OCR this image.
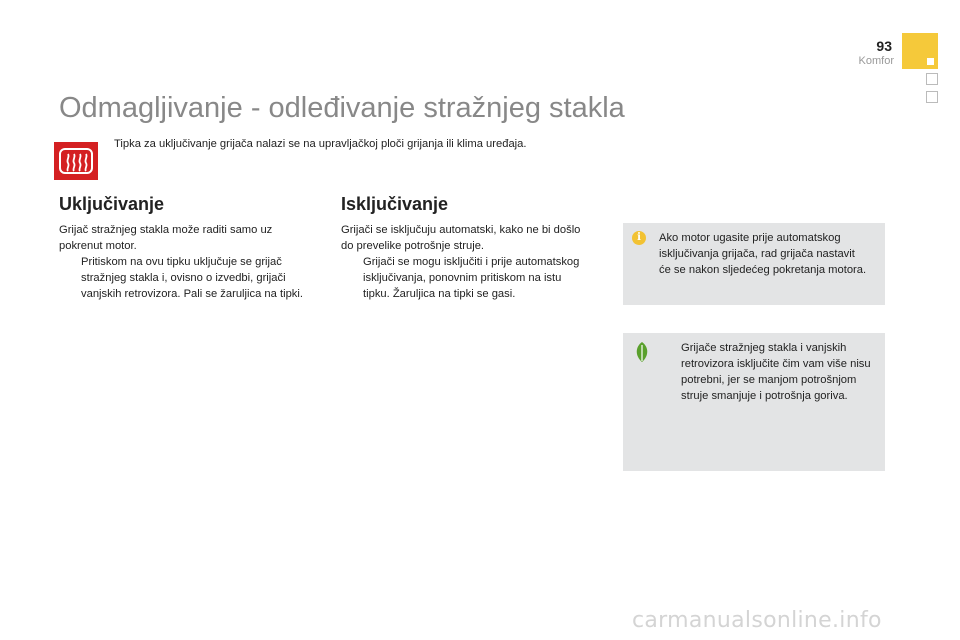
93
Komfor
Odmagljivanje - odleđivanje stražnjeg stakla
Tipka za uključivanje grijača nalazi se na upravljačkoj ploči grijanja ili klima uređaja.
Uključivanje

Grijač stražnjeg stakla može raditi samo uz pokrenut motor.

Pritiskom na ovu tipku uključuje se grijač stražnjeg stakla i, ovisno o izvedbi, grijači vanjskih retrovizora. Pali se žaruljica na tipki.
Isključivanje

Grijači se isključuju automatski, kako ne bi došlo do prevelike potrošnje struje.

Grijači se mogu isključiti i prije automatskog isključivanja, ponovnim pritiskom na istu tipku. Žaruljica na tipki se gasi.
i	Ako motor ugasite prije automatskog isključivanja grijača, rad grijača nastavit će se nakon sljedećeg pokretanja motora.
Grijače stražnjeg stakla i vanjskih retrovizora isključite čim vam više nisu potrebni, jer se manjom potrošnjom struje smanjuje i potrošnja goriva.
carmanualsonline.info
